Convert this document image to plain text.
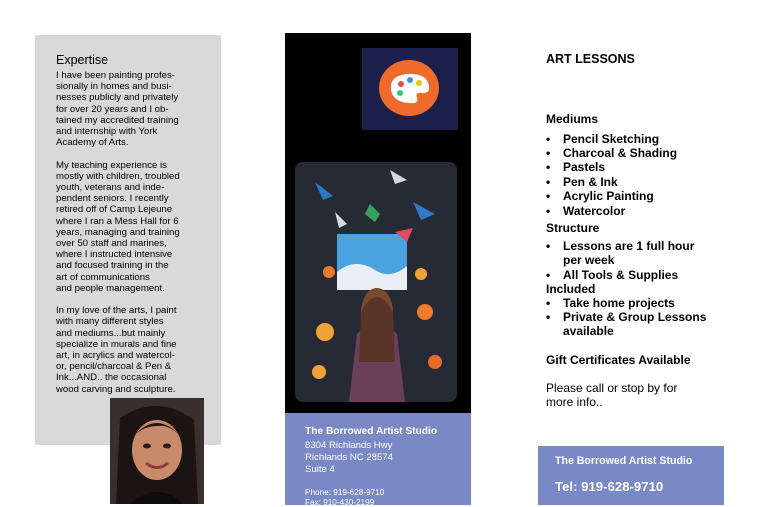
Expertise
I have been painting profes-
sionally in homes and busi-
nesses publicly and privately
for over 20 years and I ob-
tained my accredited training
and internship with York
Academy of Arts.

My teaching experience is
mostly with children, troubled
youth, veterans and inde-
pendent seniors. I recently
retired off of Camp Lejeune
where I ran a Mess Hall for 6
years, managing and training
over 50 staff and marines,
where I instructed intensive
and focused training in the
art of communications
and people management.

In my love of the arts, I paint
with many different styles
and mediums...but mainly
specialize in murals and fine
art, in acrylics and watercol-
or, pencil/charcoal & Pen &
Ink...AND.. the occasional
wood carving and sculpture.
The Borrowed Artist Studio
8304 Richlands Hwy
Richlands NC 28574
Suite 4
Phone: 919-628-9710
Fax: 910-430-2199
ART LESSONS
Mediums
• Pencil Sketching
• Charcoal & Shading
• Pastels
• Pen & Ink
• Acrylic Painting
• Watercolor
Structure
• Lessons are 1 full hour
per week
• All Tools & Supplies
Included
• Take home projects
• Private & Group Lessons
available
Gift Certificates Available
Please call or stop by for
more info..
The Borrowed Artist Studio
Tel: 919-628-9710
